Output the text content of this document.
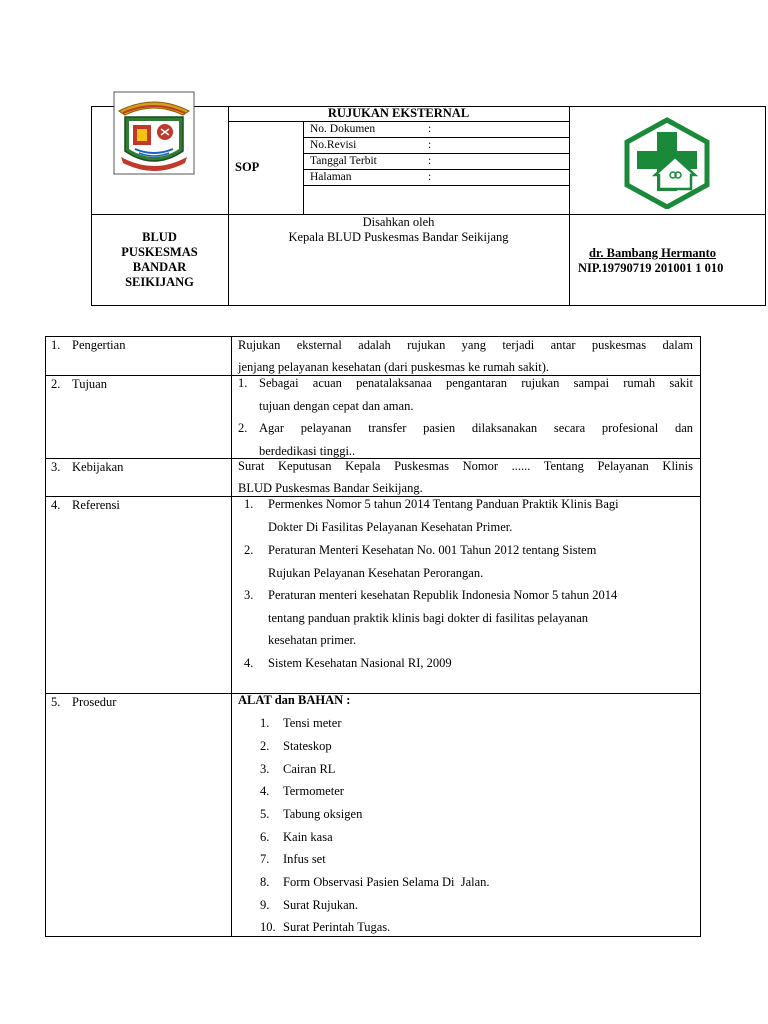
RUJUKAN EKSTERNAL
SOP
No. Dokumen	:
No.Revisi	:
Tanggal Terbit	:
Halaman	:
BLUD
PUSKESMAS
BANDAR
SEIKIJANG
Disahkan oleh
Kepala BLUD Puskesmas Bandar Seikijang
dr. Bambang Hermanto
NIP.19790719 201001 1 010
1. Pengertian	Rujukan eksternal adalah rujukan yang terjadi antar puskesmas dalam
jenjang pelayanan kesehatan (dari puskesmas ke rumah sakit).
2. Tujuan	1. Sebagai acuan penatalaksanaa pengantaran rujukan sampai rumah sakit
tujuan dengan cepat dan aman.
2. Agar pelayanan transfer pasien dilaksanakan secara profesional dan
berdedikasi tinggi..
3. Kebijakan	Surat Keputusan Kepala Puskesmas Nomor ...... Tentang Pelayanan Klinis
BLUD Puskesmas Bandar Seikijang.
4. Referensi	1. Permenkes Nomor 5 tahun 2014 Tentang Panduan Praktik Klinis Bagi
Dokter Di Fasilitas Pelayanan Kesehatan Primer.
2. Peraturan Menteri Kesehatan No. 001 Tahun 2012 tentang Sistem
Rujukan Pelayanan Kesehatan Perorangan.
3. Peraturan menteri kesehatan Republik Indonesia Nomor 5 tahun 2014
tentang panduan praktik klinis bagi dokter di fasilitas pelayanan
kesehatan primer.
4. Sistem Kesehatan Nasional RI, 2009
5. Prosedur	ALAT dan BAHAN :
1. Tensi meter
2. Stateskop
3. Cairan RL
4. Termometer
5. Tabung oksigen
6. Kain kasa
7. Infus set
8. Form Observasi Pasien Selama Di  Jalan.
9. Surat Rujukan.
10. Surat Perintah Tugas.
